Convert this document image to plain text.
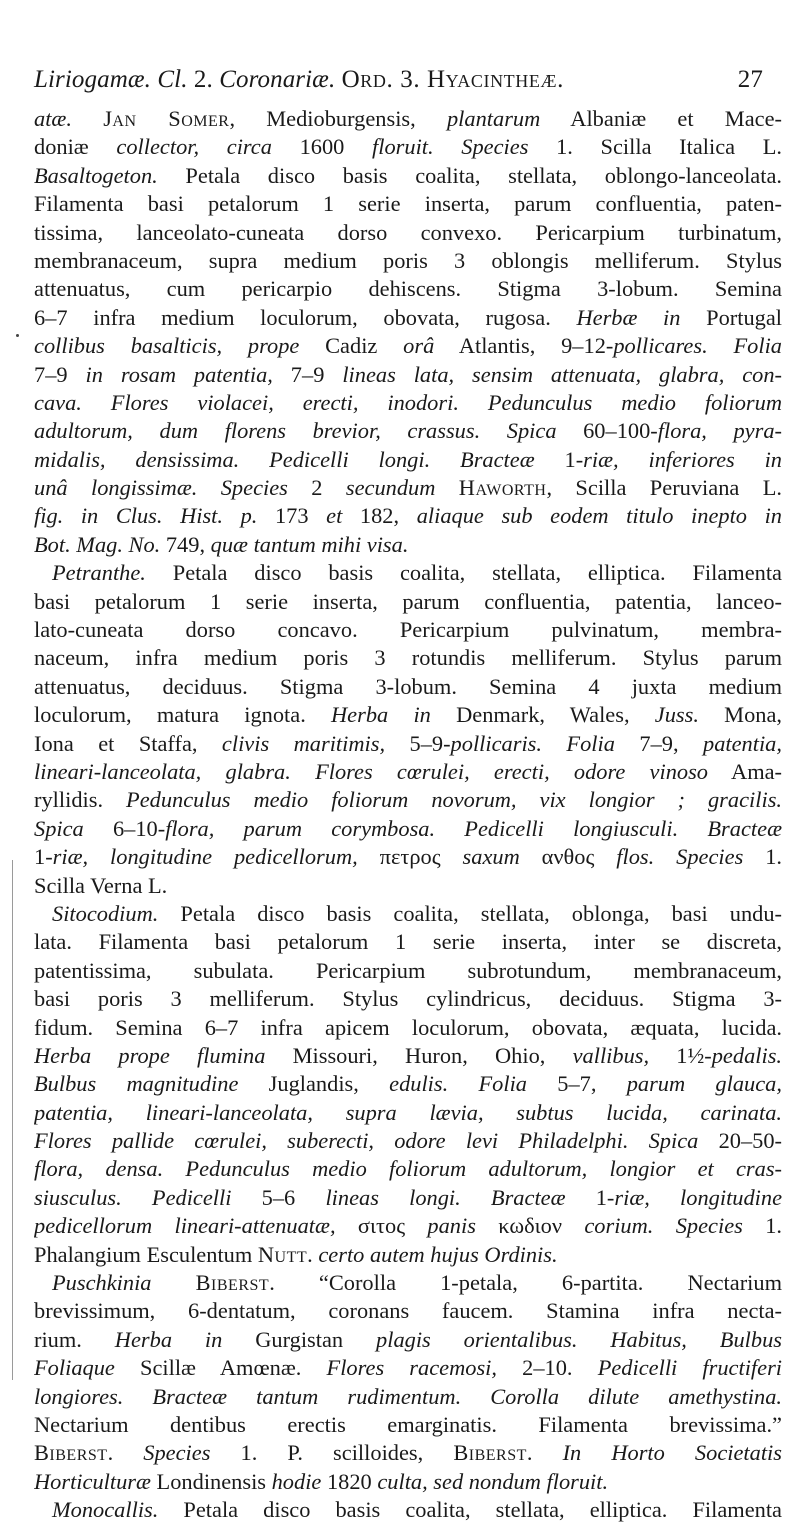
Liriogamæ. Cl. 2. Coronariæ. Ord. 3. Hyacinthеæ.	27
atæ. Jan Somer, Medioburgensis, plantarum Albaniæ et Mace-
doniæ collector, circa 1600 floruit. Species 1. Scilla Italica L.
Basaltogeton. Petala disco basis coalita, stellata, oblongo-lanceolata.
Filamenta basi petalorum 1 serie inserta, parum confluentia, paten-
tissima, lanceolato-cuneata dorso convexo. Pericarpium turbinatum,
membranaceum, supra medium poris 3 oblongis melliferum. Stylus
attenuatus, cum pericarpio dehiscens. Stigma 3-lobum. Semina
6–7 infra medium loculorum, obovata, rugosa. Herbæ in Portugal
collibus basalticis, prope Cadiz orâ Atlantis, 9–12-pollicares. Folia
7–9 in rosam patentia, 7–9 lineas lata, sensim attenuata, glabra, con-
cava. Flores violacei, erecti, inodori. Pedunculus medio foliorum
adultorum, dum florens brevior, crassus. Spica 60–100-flora, pyra-
midalis, densissima. Pedicelli longi. Bracteæ 1-riæ, inferiores in
unâ longissimæ. Species 2 secundum Haworth, Scilla Peruviana L.
fig. in Clus. Hist. p. 173 et 182, aliaque sub eodem titulo inepto in
Bot. Mag. No. 749, quæ tantum mihi visa.
Petranthe. Petala disco basis coalita, stellata, elliptica. Filamenta
basi petalorum 1 serie inserta, parum confluentia, patentia, lanceo-
lato-cuneata dorso concavo. Pericarpium pulvinatum, membra-
naceum, infra medium poris 3 rotundis melliferum. Stylus parum
attenuatus, deciduus. Stigma 3-lobum. Semina 4 juxta medium
loculorum, matura ignota. Herba in Denmark, Wales, Juss. Mona,
Iona et Staffa, clivis maritimis, 5–9-pollicaris. Folia 7–9, patentia,
lineari-lanceolata, glabra. Flores cœrulei, erecti, odore vinoso Ama-
ryllidis. Pedunculus medio foliorum novorum, vix longior ; gracilis.
Spica 6–10-flora, parum corymbosa. Pedicelli longiusculi. Bracteæ
1-riæ, longitudine pedicellorum, πετρος saxum ανθος flos. Species 1.
Scilla Verna L.
Sitocodium. Petala disco basis coalita, stellata, oblonga, basi undu-
lata. Filamenta basi petalorum 1 serie inserta, inter se discreta,
patentissima, subulata. Pericarpium subrotundum, membranaceum,
basi poris 3 melliferum. Stylus cylindricus, deciduus. Stigma 3-
fidum. Semina 6–7 infra apicem loculorum, obovata, æquata, lucida.
Herba prope flumina Missouri, Huron, Ohio, vallibus, 1½-pedalis.
Bulbus magnitudine Juglandis, edulis. Folia 5–7, parum glauca,
patentia, lineari-lanceolata, supra lævia, subtus lucida, carinata.
Flores pallide cœrulei, suberecti, odore levi Philadelphi. Spica 20–50-
flora, densa. Pedunculus medio foliorum adultorum, longior et cras-
siusculus. Pedicelli 5–6 lineas longi. Bracteæ 1-riæ, longitudine
pedicellorum lineari-attenuatæ, σιτος panis κωδιον corium. Species 1.
Phalangium Esculentum Nutt. certo autem hujus Ordinis.
Puschkinia Biberst. “Corolla 1-petala, 6-partita. Nectarium
brevissimum, 6-dentatum, coronans faucem. Stamina infra necta-
rium. Herba in Gurgistan plagis orientalibus. Habitus, Bulbus
Foliaque Scillæ Amœnæ. Flores racemosi, 2–10. Pedicelli fructiferi
longiores. Bracteæ tantum rudimentum. Corolla dilute amethystina.
Nectarium dentibus erectis emarginatis. Filamenta brevissima.”
Biberst. Species 1. P. scilloides, Biberst. In Horto Societatis
Horticulturæ Londinensis hodie 1820 culta, sed nondum floruit.
Monocallis. Petala disco basis coalita, stellata, elliptica. Filamenta
